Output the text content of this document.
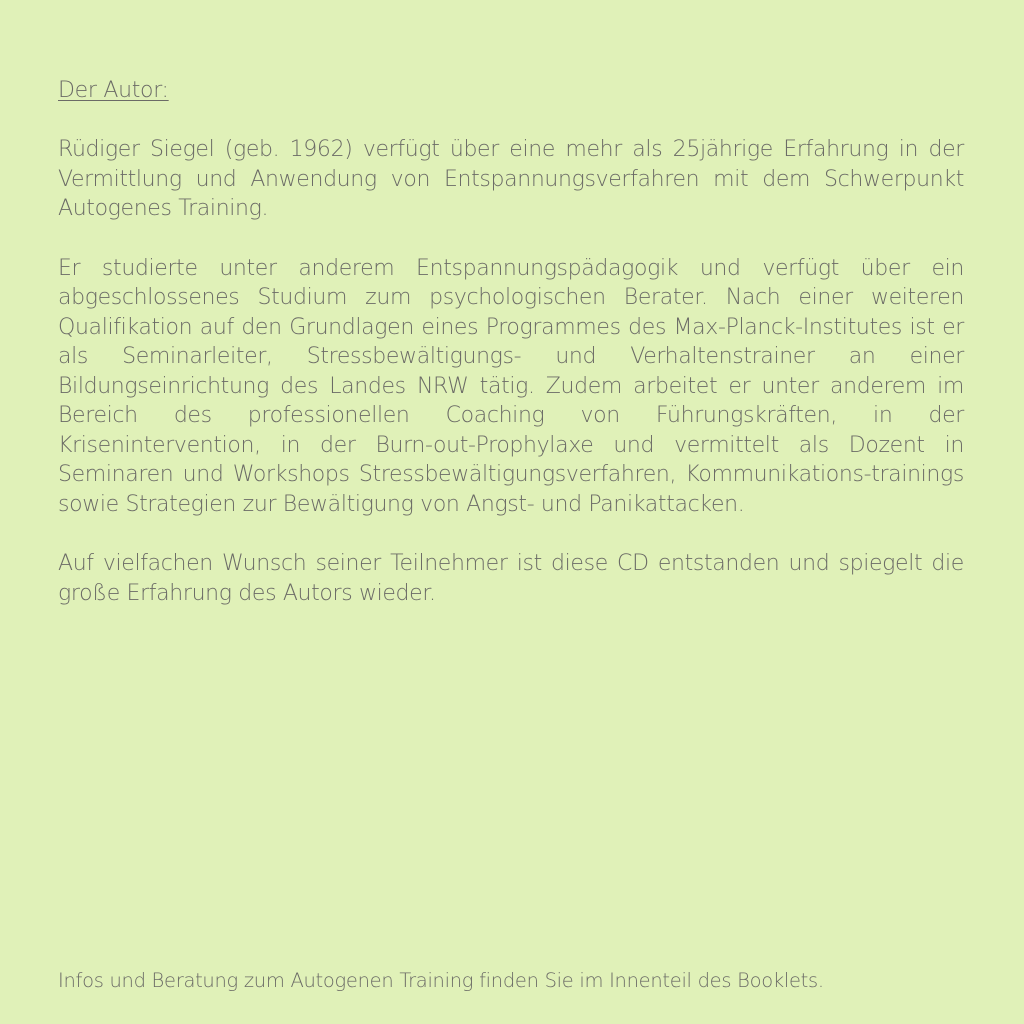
Der Autor:

Rüdiger Siegel (geb. 1962) verfügt über eine mehr als 25jährige Erfahrung in der Vermittlung und Anwendung von Entspannungsverfahren mit dem Schwerpunkt Autogenes Training.

Er studierte unter anderem Entspannungspädagogik und verfügt über ein abgeschlossenes Studium zum psychologischen Berater. Nach einer weiteren Qualifikation auf den Grundlagen eines Programmes des Max-Planck-Institutes ist er als Seminarleiter, Stressbewältigungs- und Verhaltenstrainer an einer Bildungseinrichtung des Landes NRW tätig. Zudem arbeitet er unter anderem im Bereich des professionellen Coaching von Führungskräften, in der Krisenintervention, in der Burn-out-Prophylaxe und vermittelt als Dozent in Seminaren und Workshops Stressbewältigungsverfahren, Kommunikations-trainings sowie Strategien zur Bewältigung von Angst- und Panikattacken.

Auf vielfachen Wunsch seiner Teilnehmer ist diese CD entstanden und spiegelt die große Erfahrung des Autors wieder.

Infos und Beratung zum Autogenen Training finden Sie im Innenteil des Booklets.
